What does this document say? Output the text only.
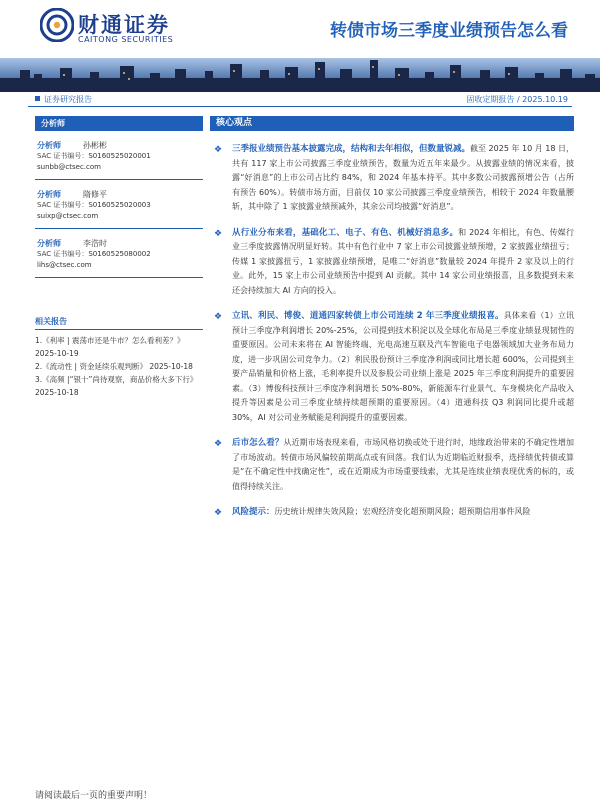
财通证券
CAITONG SECURITIES	转债市场三季度业绩预告怎么看
证券研究报告	固收定期报告 / 2025.10.19
分析师
分析师	孙彬彬
SAC 证书编号：S0160525020001
sunbb@ctsec.com
分析师	隋修平
SAC 证书编号：S0160525020003
suixp@ctsec.com
分析师	李浩时
SAC 证书编号：S0160525080002
lihs@ctsec.com
相关报告
1.《利率 | 震荡市还是牛市？怎么看利差？》 2025-10-19
2.《流动性 | 资金延续乐观判断》 2025-10-18
3.《高频 |“银十”尚待观察，商品价格大多下行》 2025-10-18
核心观点
❖ 三季报业绩预告基本披露完成，结构和去年相似，但数量锐减。截至 2025 年 10 月 18 日，共有 117 家上市公司披露三季度业绩预告，数量为近五年来最少。从披露业绩的情况来看，披露“好消息”的上市公司占比约 84%，和 2024 年基本持平。其中多数公司披露预增公告（占所有预告 60%）。转债市场方面，目前仅 10 家公司披露三季度业绩预告，相较于 2024 年数量腰斩，其中除了 1 家披露业绩预减外，其余公司均披露“好消息”。
❖ 从行业分布来看，基础化工、电子、有色、机械好消息多。和 2024 年相比，有色、传媒行业三季度披露情况明显好转。其中有色行业中 7 家上市公司披露业绩预增，2 家披露业绩扭亏；传媒 1 家披露扭亏，1 家披露业绩预增，是唯二“好消息”数量较 2024 年提升 2 家及以上的行业。此外，15 家上市公司业绩预告中提到 AI 贡献。其中 14 家公司业绩报喜，且多数提到未来还会持续加大 AI 方向的投入。
❖ 立讯、利民、博俊、道通四家转债上市公司连续 2 年三季度业绩报喜。具体来看（1）立讯预计三季度净利润增长 20%-25%，公司提到技术积淀以及全球化布局是三季度业绩显现韧性的重要原因。公司未来将在 AI 智能终端、光电高速互联及汽车智能电子电器领域加大业务布局力度，进一步巩固公司竞争力。（2）利民股份预计三季度净利润或同比增长超 600%，公司提到主要产品销量和价格上涨，毛利率提升以及参股公司业绩上涨是 2025 年三季度利润提升的重要因素。（3）博俊科技预计三季度净利润增长 50%-80%，新能源车行业景气、车身模块化产品收入提升等因素是公司三季度业绩持续超预期的重要原因。（4）道通科技 Q3 利润同比提升或超 30%，AI 对公司业务赋能是利润提升的重要因素。
❖ 后市怎么看？从近期市场表现来看，市场风格切换或处于进行时，地缘政治带来的不确定性增加了市场波动。转债市场风偏较前期高点或有回落。我们认为近期临近财报季，选择绩优转债或算是“在不确定性中找确定性”，或在近期成为市场重要线索，尤其是连续业绩表现优秀的标的，或值得持续关注。
❖ 风险提示：历史统计规律失效风险；宏观经济变化超预期风险；超预期信用事件风险
请阅读最后一页的重要声明！
